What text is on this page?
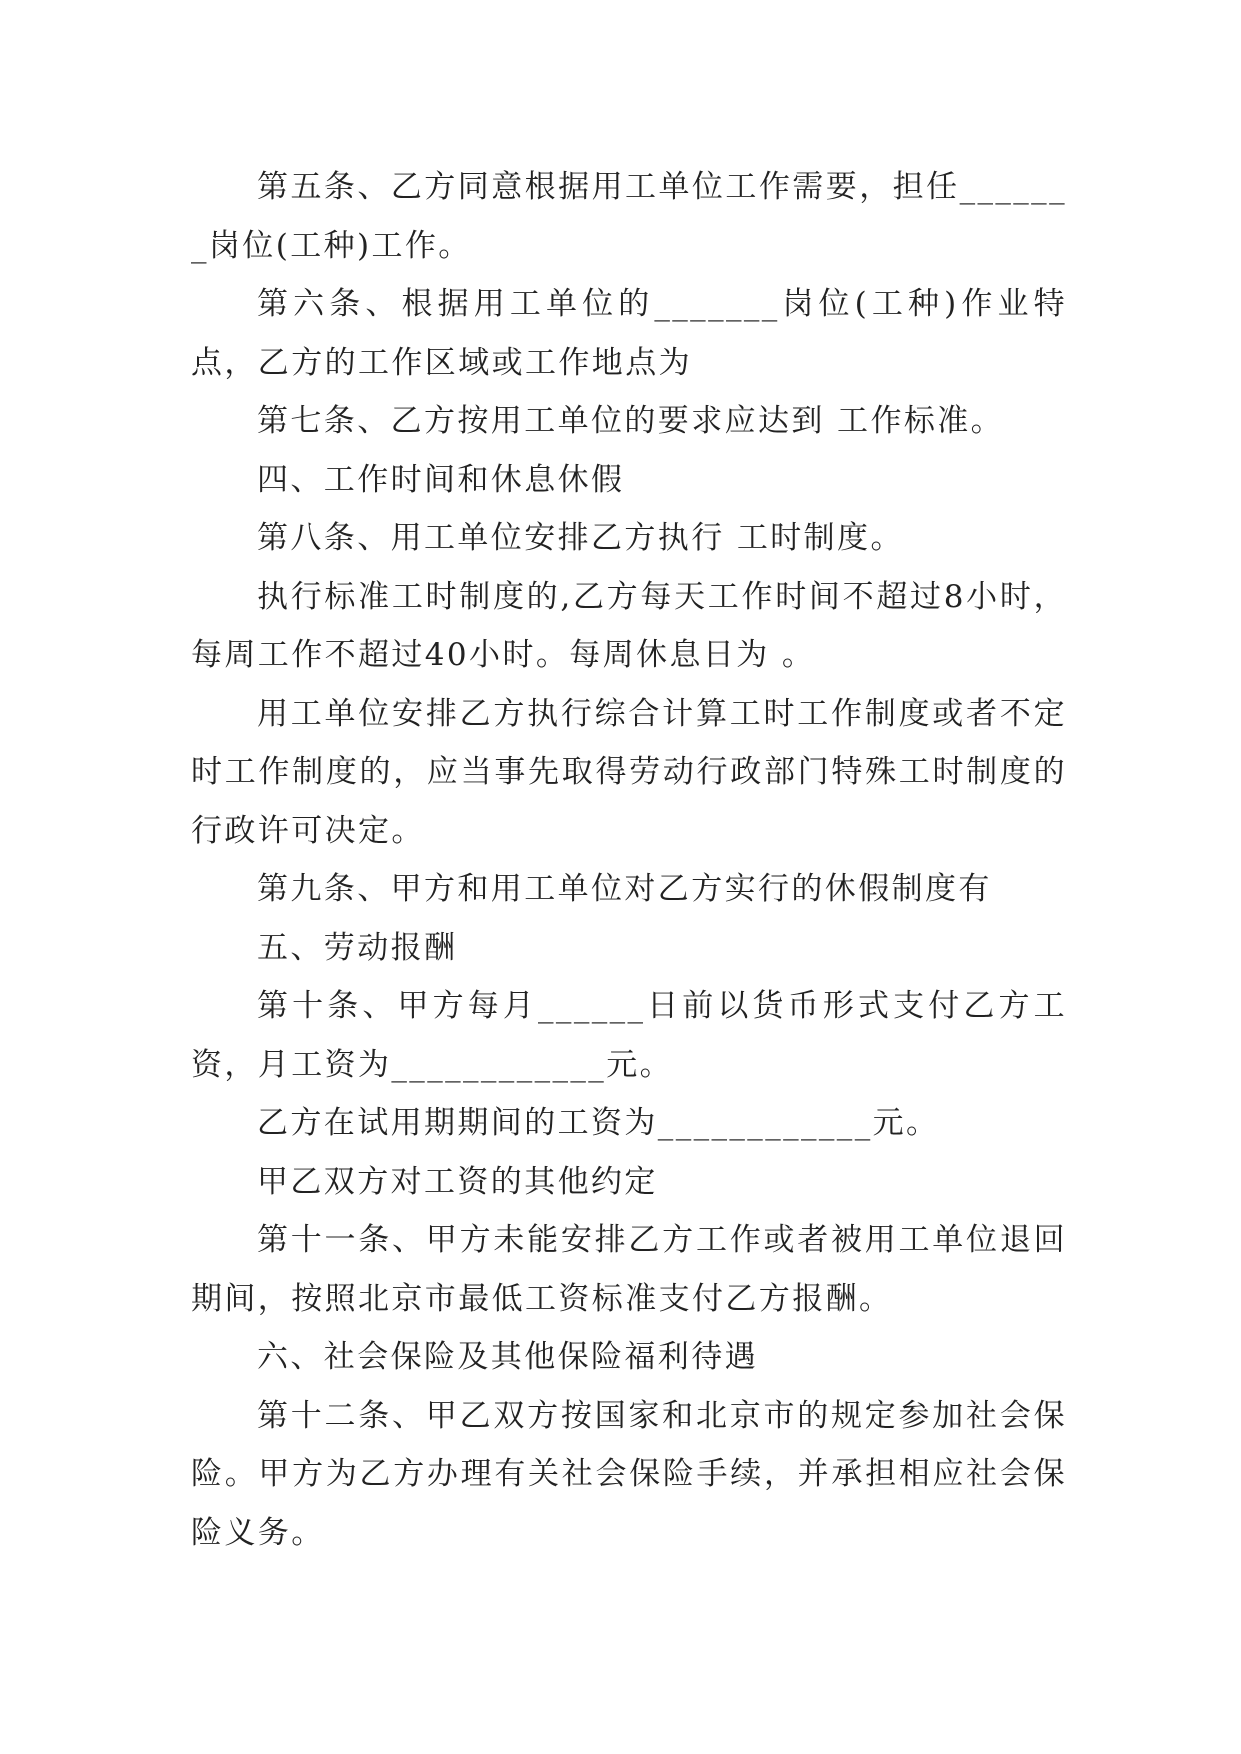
第五条、乙方同意根据用工单位工作需要，担任_______岗位(工种)工作。

第六条、根据用工单位的_______岗位(工种)作业特点，乙方的工作区域或工作地点为

第七条、乙方按用工单位的要求应达到 工作标准。

四、工作时间和休息休假

第八条、用工单位安排乙方执行 工时制度。

执行标准工时制度的,乙方每天工作时间不超过8小时，每周工作不超过40小时。每周休息日为 。

用工单位安排乙方执行综合计算工时工作制度或者不定时工作制度的，应当事先取得劳动行政部门特殊工时制度的行政许可决定。

第九条、甲方和用工单位对乙方实行的休假制度有

五、劳动报酬

第十条、甲方每月______日前以货币形式支付乙方工资，月工资为____________元。

乙方在试用期期间的工资为____________元。

甲乙双方对工资的其他约定

第十一条、甲方未能安排乙方工作或者被用工单位退回期间，按照北京市最低工资标准支付乙方报酬。

六、社会保险及其他保险福利待遇

第十二条、甲乙双方按国家和北京市的规定参加社会保险。甲方为乙方办理有关社会保险手续，并承担相应社会保险义务。
